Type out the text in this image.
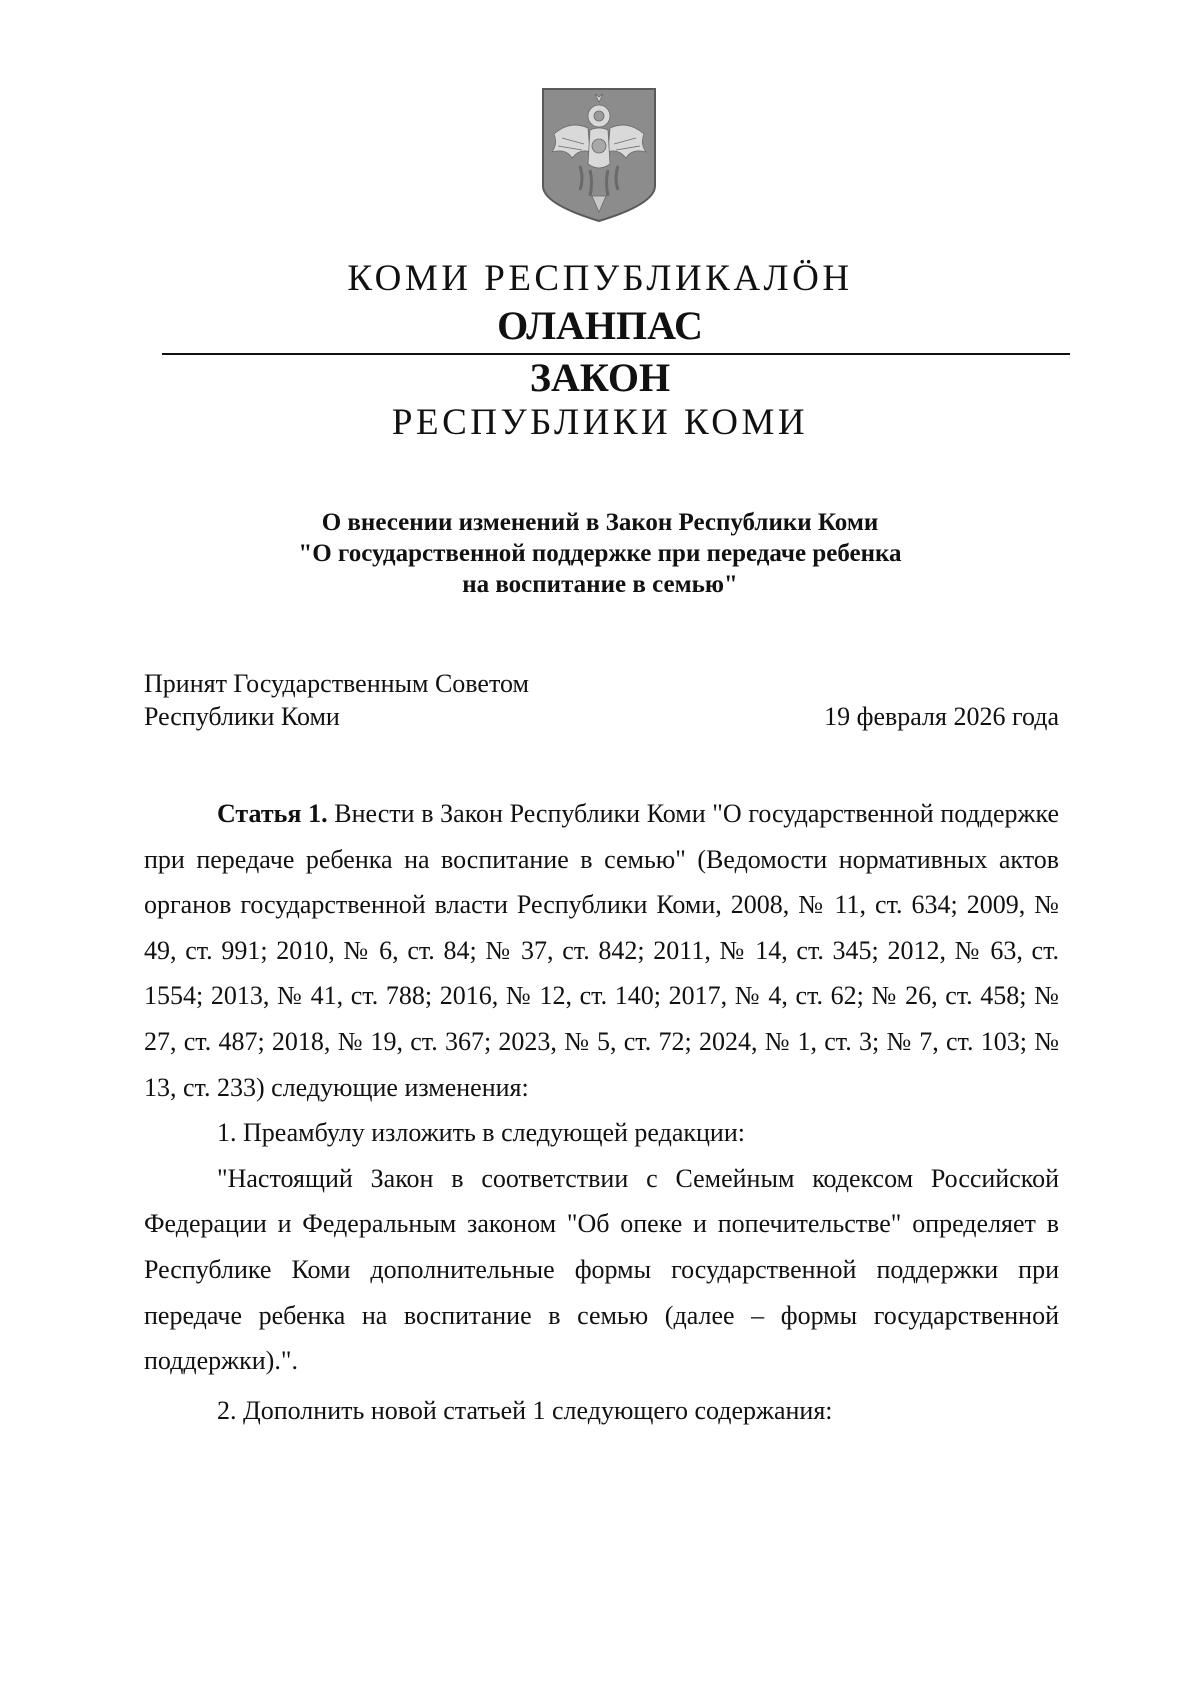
КОМИ РЕСПУБЛИКАЛӦН
ОЛАНПАС
ЗАКОН
РЕСПУБЛИКИ КОМИ
О внесении изменений в Закон Республики Коми
"О государственной поддержке при передаче ребенка
на воспитание в семью"
Принят Государственным Советом
Республики Коми	19 февраля 2026 года

Статья 1. Внести в Закон Республики Коми "О государственной поддержке при передаче ребенка на воспитание в семью" (Ведомости нормативных актов органов государственной власти Республики Коми, 2008, № 11, ст. 634; 2009, № 49, ст. 991; 2010, № 6, ст. 84; № 37, ст. 842; 2011, № 14, ст. 345; 2012, № 63, ст. 1554; 2013, № 41, ст. 788; 2016, № 12, ст. 140; 2017, № 4, ст. 62; № 26, ст. 458; № 27, ст. 487; 2018, № 19, ст. 367; 2023, № 5, ст. 72; 2024, № 1, ст. 3; № 7, ст. 103; № 13, ст. 233) следующие изменения:

1. Преамбулу изложить в следующей редакции:

"Настоящий Закон в соответствии с Семейным кодексом Российской Федерации и Федеральным законом "Об опеке и попечительстве" определяет в Республике Коми дополнительные формы государственной поддержки при передаче ребенка на воспитание в семью (далее – формы государственной поддержки).".

2. Дополнить новой статьей 1 следующего содержания:
